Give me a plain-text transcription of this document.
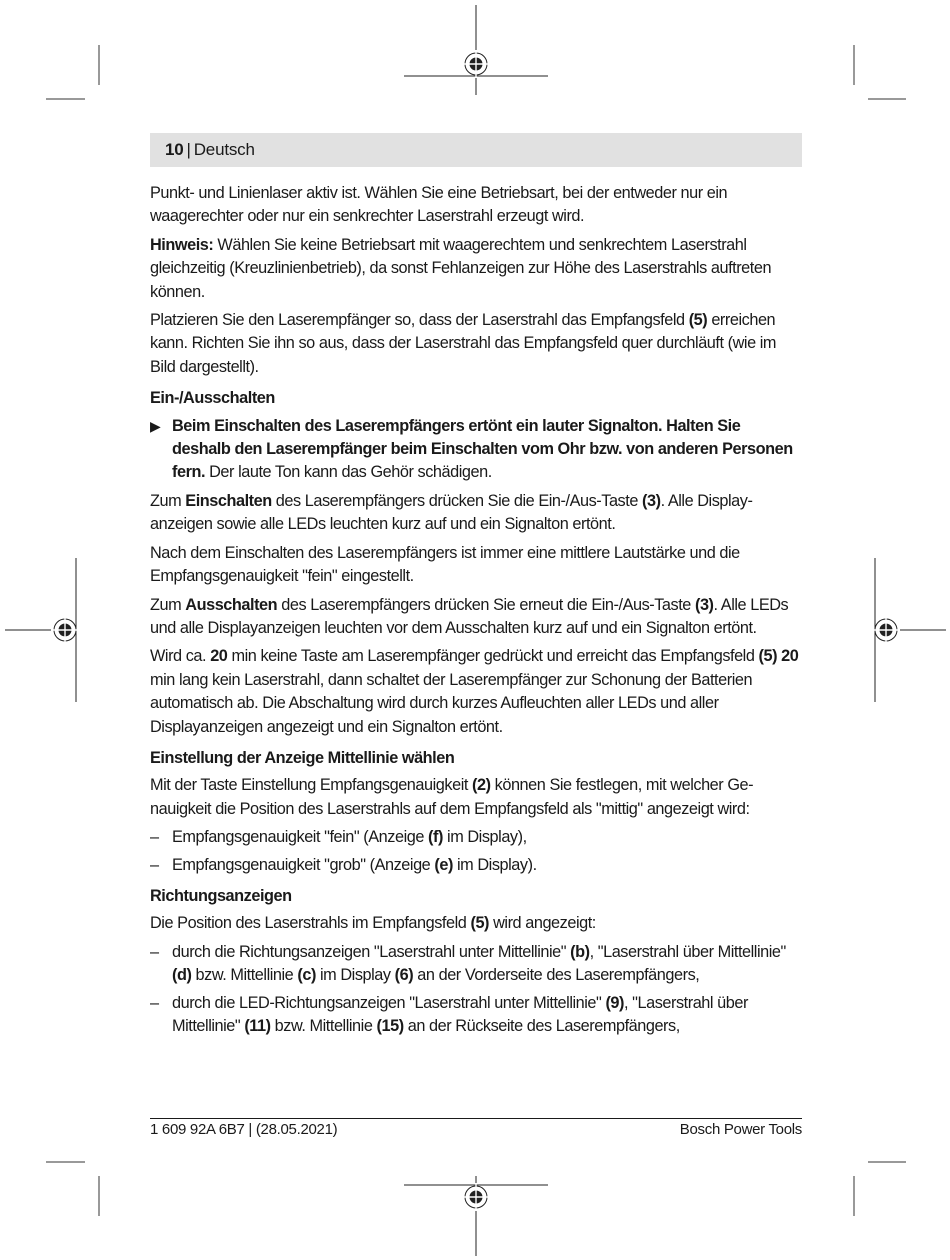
10 | Deutsch

Punkt- und Linienlaser aktiv ist. Wählen Sie eine Betriebsart, bei der entweder nur ein waagerechter oder nur ein senkrechter Laserstrahl erzeugt wird.

Hinweis: Wählen Sie keine Betriebsart mit waagerechtem und senkrechtem Laserstrahl gleichzeitig (Kreuzlinienbetrieb), da sonst Fehlanzeigen zur Höhe des Laserstrahls auftreten können.

Platzieren Sie den Laserempfänger so, dass der Laserstrahl das Empfangsfeld (5) erreichen kann. Richten Sie ihn so aus, dass der Laserstrahl das Empfangsfeld quer durchläuft (wie im Bild dargestellt).

Ein-/Ausschalten
▶ Beim Einschalten des Laserempfängers ertönt ein lauter Signalton. Halten Sie deshalb den Laserempfänger beim Einschalten vom Ohr bzw. von anderen Personen fern. Der laute Ton kann das Gehör schädigen.

Zum Einschalten des Laserempfängers drücken Sie die Ein-/Aus-Taste (3). Alle Displayanzeigen sowie alle LEDs leuchten kurz auf und ein Signalton ertönt.

Nach dem Einschalten des Laserempfängers ist immer eine mittlere Lautstärke und die Empfangsgenauigkeit "fein" eingestellt.

Zum Ausschalten des Laserempfängers drücken Sie erneut die Ein-/Aus-Taste (3). Alle LEDs und alle Displayanzeigen leuchten vor dem Ausschalten kurz auf und ein Signalton ertönt.

Wird ca. 20 min keine Taste am Laserempfänger gedrückt und erreicht das Empfangsfeld (5) 20 min lang kein Laserstrahl, dann schaltet der Laserempfänger zur Schonung der Batterien automatisch ab. Die Abschaltung wird durch kurzes Aufleuchten aller LEDs und aller Displayanzeigen angezeigt und ein Signalton ertönt.

Einstellung der Anzeige Mittellinie wählen

Mit der Taste Einstellung Empfangsgenauigkeit (2) können Sie festlegen, mit welcher Genauigkeit die Position des Laserstrahls auf dem Empfangsfeld als "mittig" angezeigt wird:

– Empfangsgenauigkeit "fein" (Anzeige (f) im Display),
– Empfangsgenauigkeit "grob" (Anzeige (e) im Display).
Richtungsanzeigen

Die Position des Laserstrahls im Empfangsfeld (5) wird angezeigt:

– durch die Richtungsanzeigen "Laserstrahl unter Mittellinie" (b), "Laserstrahl über Mittellinie" (d) bzw. Mittellinie (c) im Display (6) an der Vorderseite des Laserempfängers,
– durch die LED-Richtungsanzeigen "Laserstrahl unter Mittellinie" (9), "Laserstrahl über Mittellinie" (11) bzw. Mittellinie (15) an der Rückseite des Laserempfängers,
1 609 92A 6B7 | (28.05.2021)	Bosch Power Tools
